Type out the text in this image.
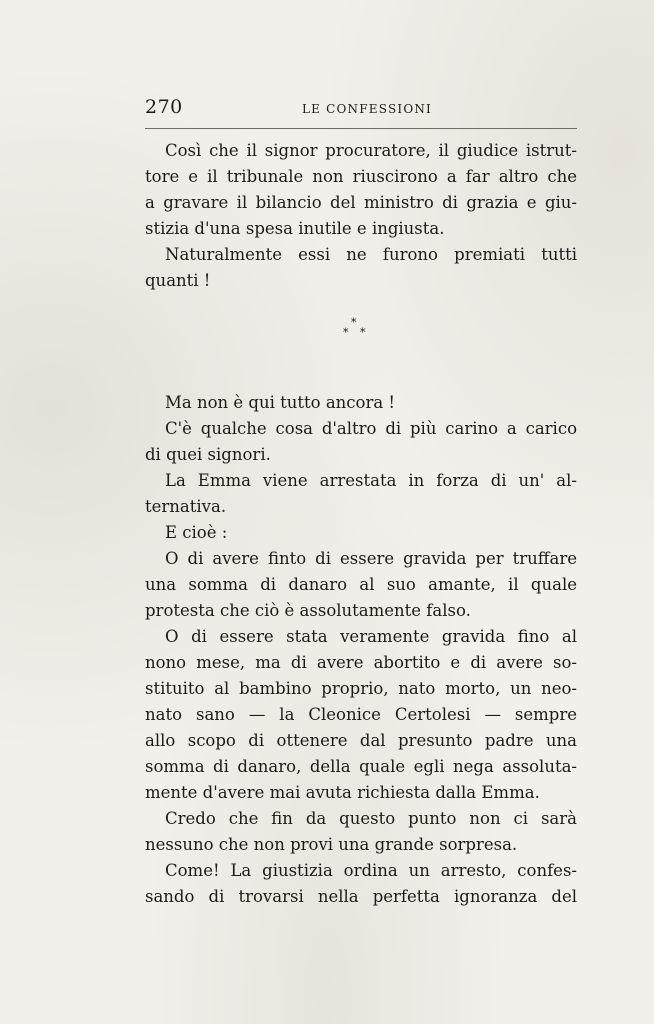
270	LE CONFESSIONI
Così che il signor procuratore, il giudice istrut-
tore e il tribunale non riuscirono a far altro che
a gravare il bilancio del ministro di grazia e giu-
stizia d'una spesa inutile e ingiusta.
Naturalmente essi ne furono premiati tutti
quanti !
*
* *
Ma non è qui tutto ancora !
C'è qualche cosa d'altro di più carino a carico
di quei signori.
La Emma viene arrestata in forza di un' al-
ternativa.
E cioè :
O di avere finto di essere gravida per truffare
una somma di danaro al suo amante, il quale
protesta che ciò è assolutamente falso.
O di essere stata veramente gravida fino al
nono mese, ma di avere abortito e di avere so-
stituito al bambino proprio, nato morto, un neo-
nato sano — la Cleonice Certolesi — sempre
allo scopo di ottenere dal presunto padre una
somma di danaro, della quale egli nega assoluta-
mente d'avere mai avuta richiesta dalla Emma.
Credo che fin da questo punto non ci sarà
nessuno che non provi una grande sorpresa.
Come! La giustizia ordina un arresto, confes-
sando di trovarsi nella perfetta ignoranza del
